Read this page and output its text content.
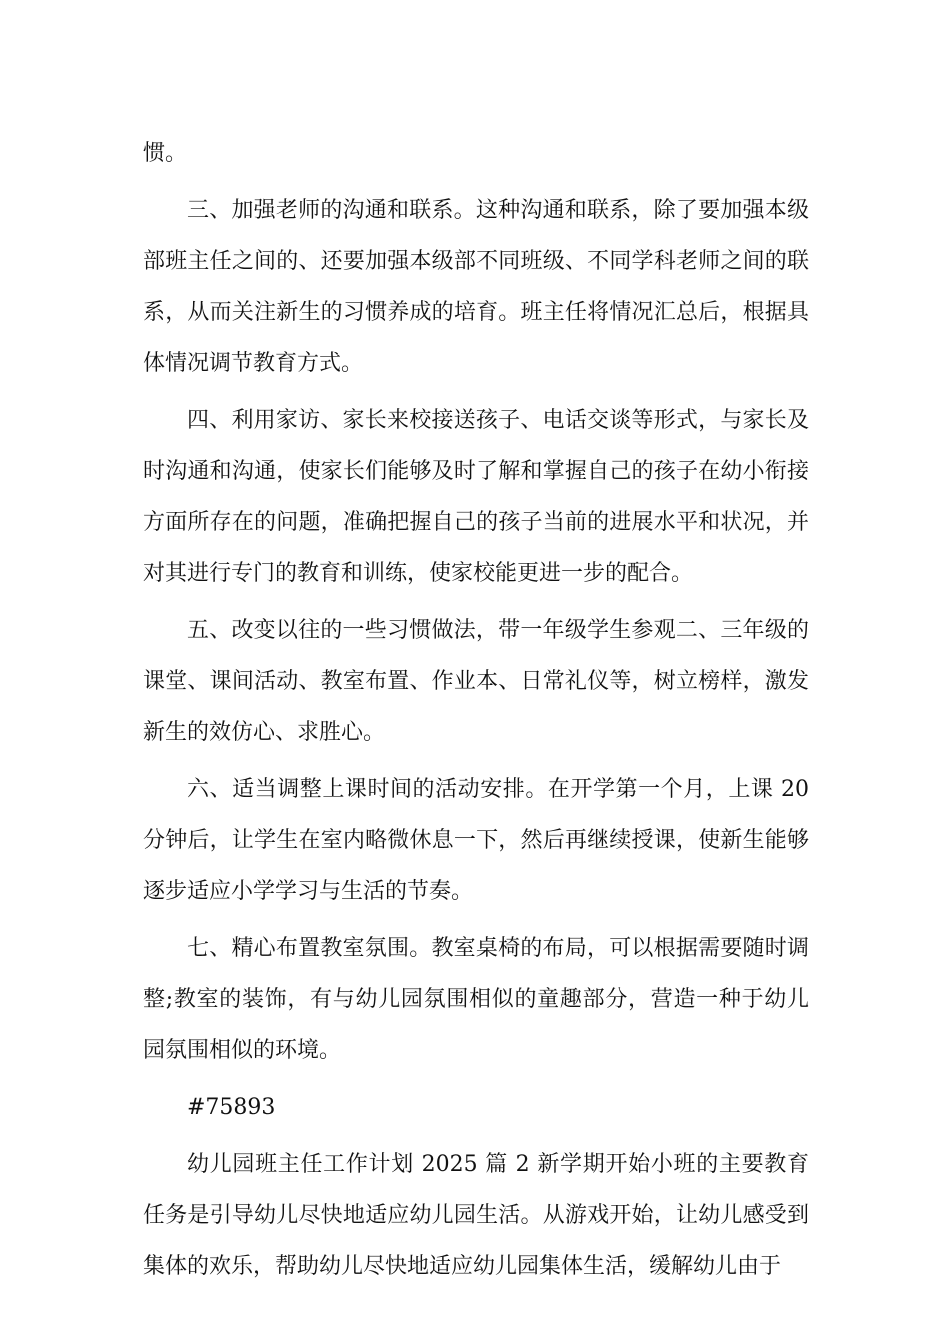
惯。

三、加强老师的沟通和联系。这种沟通和联系，除了要加强本级部班主任之间的、还要加强本级部不同班级、不同学科老师之间的联系，从而关注新生的习惯养成的培育。班主任将情况汇总后，根据具体情况调节教育方式。

四、利用家访、家长来校接送孩子、电话交谈等形式，与家长及时沟通和沟通，使家长们能够及时了解和掌握自己的孩子在幼小衔接方面所存在的问题，准确把握自己的孩子当前的进展水平和状况，并对其进行专门的教育和训练，使家校能更进一步的配合。

五、改变以往的一些习惯做法，带一年级学生参观二、三年级的课堂、课间活动、教室布置、作业本、日常礼仪等，树立榜样，激发新生的效仿心、求胜心。

六、适当调整上课时间的活动安排。在开学第一个月，上课 20 分钟后，让学生在室内略微休息一下，然后再继续授课，使新生能够逐步适应小学学习与生活的节奏。

七、精心布置教室氛围。教室桌椅的布局，可以根据需要随时调整;教室的装饰，有与幼儿园氛围相似的童趣部分，营造一种于幼儿园氛围相似的环境。

#75893

幼儿园班主任工作计划 2025 篇 2 新学期开始小班的主要教育任务是引导幼儿尽快地适应幼儿园生活。从游戏开始，让幼儿感受到集体的欢乐，帮助幼儿尽快地适应幼儿园集体生活，缓解幼儿由于
